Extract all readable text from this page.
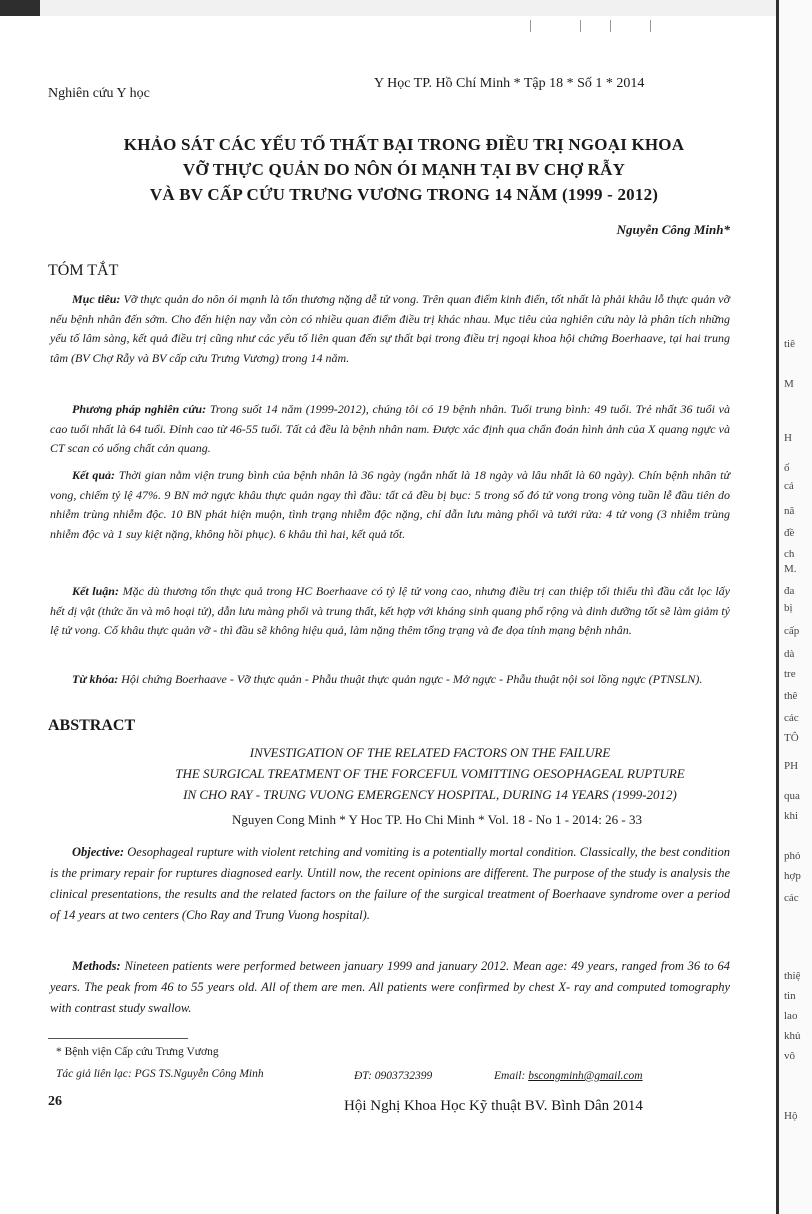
tiê
M
H
ố
cá
nă
đề
ch
M.
đa
bị
cấp
dà
tre
thê
các
TÔ
PH
qua
khi
phỏ
hợp
các
thiệ
tin
lao
khủ
vô
Hộ
Nghiên cứu Y học
Y Học TP. Hồ Chí Minh * Tập 18 * Số 1 * 2014
KHẢO SÁT CÁC YẾU TỐ THẤT BẠI TRONG ĐIỀU TRỊ NGOẠI KHOA
VỠ THỰC QUẢN DO NÔN ÓI MẠNH TẠI BV CHỢ RẪY
VÀ BV CẤP CỨU TRƯNG VƯƠNG TRONG 14 NĂM (1999 - 2012)
Nguyễn Công Minh*
TÓM TẮT
Mục tiêu: Vỡ thực quản do nôn ói mạnh là tổn thương nặng dễ tử vong. Trên quan điểm kinh điển, tốt nhất là phải khâu lỗ thực quản vỡ nếu bệnh nhân đến sớm. Cho đến hiện nay vẫn còn có nhiều quan điểm điều trị khác nhau. Mục tiêu của nghiên cứu này là phân tích những yếu tố lâm sàng, kết quả điều trị cũng như các yếu tố liên quan đến sự thất bại trong điều trị ngoại khoa hội chứng Boerhaave, tại hai trung tâm (BV Chợ Rẫy và BV cấp cứu Trưng Vương) trong 14 năm.
Phương pháp nghiên cứu: Trong suốt 14 năm (1999-2012), chúng tôi có 19 bệnh nhân. Tuổi trung bình: 49 tuổi. Trẻ nhất 36 tuổi và cao tuổi nhất là 64 tuổi. Đỉnh cao từ 46-55 tuổi. Tất cả đều là bệnh nhân nam. Được xác định qua chẩn đoán hình ảnh của X quang ngực và CT scan có uống chất cản quang.
Kết quả: Thời gian nằm viện trung bình của bệnh nhân là 36 ngày (ngắn nhất là 18 ngày và lâu nhất là 60 ngày). Chín bệnh nhân tử vong, chiếm tỷ lệ 47%. 9 BN mở ngực khâu thực quản ngay thì đầu: tất cả đều bị bục: 5 trong số đó tử vong trong vòng tuần lễ đầu tiên do nhiễm trùng nhiễm độc. 10 BN phát hiện muộn, tình trạng nhiễm độc nặng, chỉ dẫn lưu màng phổi và tưới rửa: 4 tử vong (3 nhiễm trùng nhiễm độc và 1 suy kiệt nặng, không hồi phục). 6 khâu thì hai, kết quả tốt.
Kết luận: Mặc dù thương tổn thực quả trong HC Boerhaave có tỷ lệ tử vong cao, nhưng điều trị can thiệp tối thiểu thì đầu cắt lọc lấy hết dị vật (thức ăn và mô hoại tử), dẫn lưu màng phổi và trung thất, kết hợp với kháng sinh quang phổ rộng và dinh dưỡng tốt sẽ làm giảm tỷ lệ tử vong. Cố khâu thực quản vỡ - thì đầu sẽ không hiệu quả, làm nặng thêm tổng trạng và đe dọa tính mạng bệnh nhân.
Từ khóa: Hội chứng Boerhaave - Vỡ thực quản - Phẫu thuật thực quản ngực - Mở ngực - Phẫu thuật nội soi lồng ngực (PTNSLN).
ABSTRACT
INVESTIGATION OF THE RELATED FACTORS ON THE FAILURE
THE SURGICAL TREATMENT OF THE FORCEFUL VOMITTING OESOPHAGEAL RUPTURE
IN CHO RAY - TRUNG VUONG EMERGENCY HOSPITAL, DURING 14 YEARS (1999-2012)
Nguyen Cong Minh * Y Hoc TP. Ho Chi Minh * Vol. 18 - No 1 - 2014: 26 - 33
Objective: Oesophageal rupture with violent retching and vomiting is a potentially mortal condition. Classically, the best condition is the primary repair for ruptures diagnosed early. Untill now, the recent opinions are different. The purpose of the study is analysis the clinical presentations, the results and the related factors on the failure of the surgical treatment of Boerhaave syndrome over a period of 14 years at two centers (Cho Ray and Trung Vuong hospital).
Methods: Nineteen patients were performed between january 1999 and january 2012. Mean age: 49 years, ranged from 36 to 64 years. The peak from 46 to 55 years old. All of them are men. All patients were confirmed by chest X- ray and computed tomography with contrast study swallow.
* Bệnh viện Cấp cứu Trưng Vương
Tác giả liên lạc: PGS TS.Nguyễn Công Minh	ĐT: 0903732399	Email: bscongminh@gmail.com
26	Hội Nghị Khoa Học Kỹ thuật BV. Bình Dân 2014
